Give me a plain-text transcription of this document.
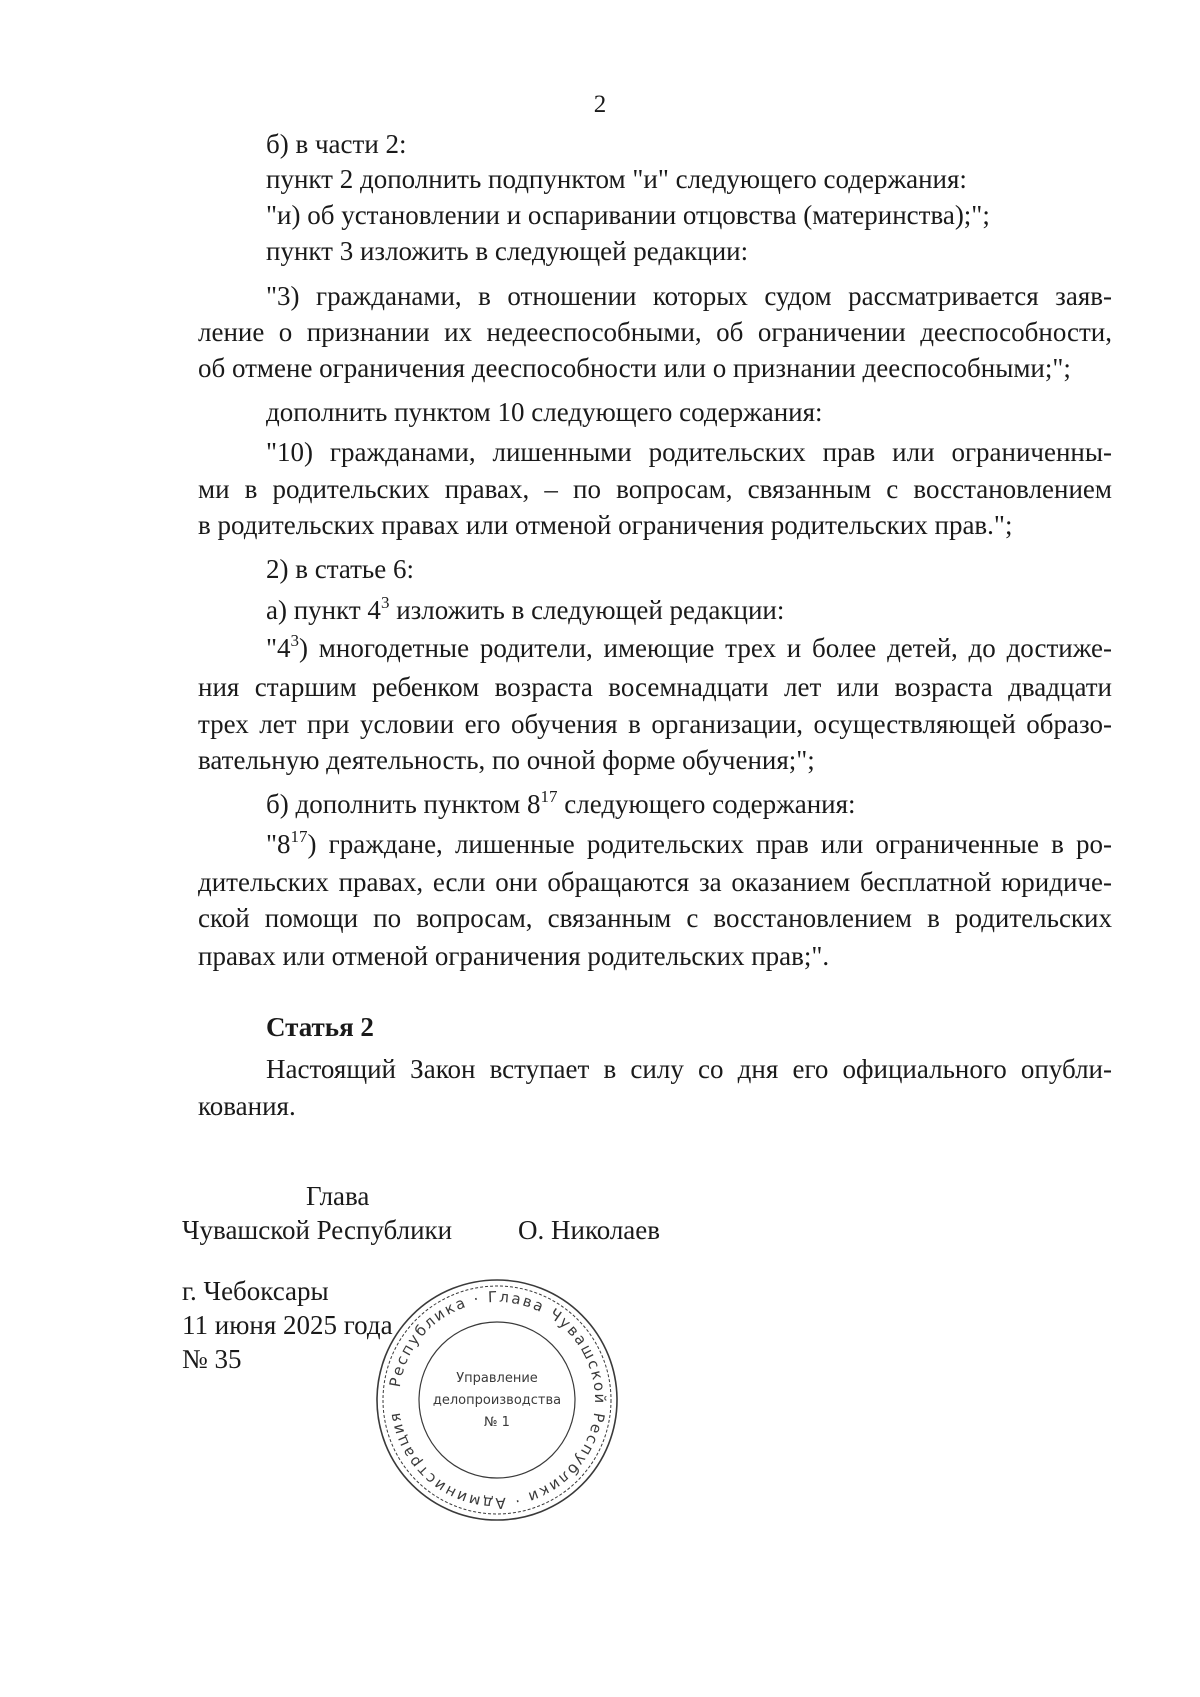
2
б) в части 2:
пункт 2 дополнить подпунктом "и" следующего содержания:
"и) об установлении и оспаривании отцовства (материнства);";
пункт 3 изложить в следующей редакции:
"3) гражданами, в отношении которых судом рассматривается заяв-
ление о признании их недееспособными, об ограничении дееспособности,
об отмене ограничения дееспособности или о признании дееспособными;";
дополнить пунктом 10 следующего содержания:
"10) гражданами, лишенными родительских прав или ограниченны-
ми в родительских правах, – по вопросам, связанным с восстановлением
в родительских правах или отменой ограничения родительских прав.";
2) в статье 6:
а) пункт $4^3$ изложить в следующей редакции:
"$4^3$) многодетные родители, имеющие трех и более детей, до достиже-
ния старшим ребенком возраста восемнадцати лет или возраста двадцати
трех лет при условии его обучения в организации, осуществляющей образо-
вательную деятельность, по очной форме обучения;";
б) дополнить пунктом $8^{17}$ следующего содержания:
"$8^{17}$) граждане, лишенные родительских прав или ограниченные в ро-
дительских правах, если они обращаются за оказанием бесплатной юридиче-
ской помощи по вопросам, связанным с восстановлением в родительских
правах или отменой ограничения родительских прав;".
Статья 2
Настоящий Закон вступает в силу со дня его официального опубли-
кования.
Глава
Чувашской Республики О. Николаев
г. Чебоксары
11 июня 2025 года
№ 35
Республика · Глава Чувашской Республики · Администрация
Управление
делопроизводства
№ 1
